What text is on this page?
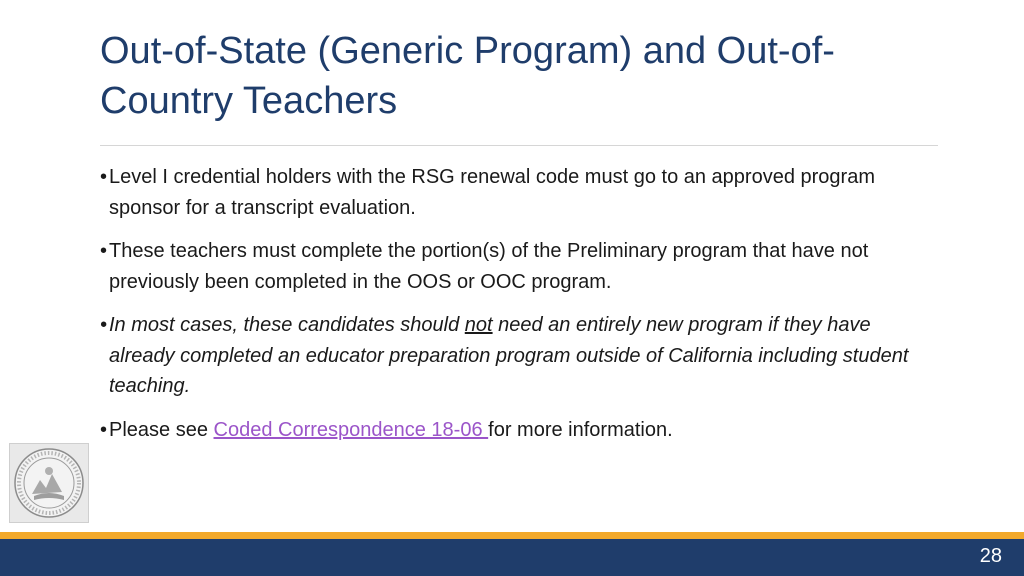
Out-of-State (Generic Program) and Out-of-Country Teachers
• Level I credential holders with the RSG renewal code must go to an approved program sponsor for a transcript evaluation.
• These teachers must complete the portion(s) of the Preliminary program that have not previously been completed in the OOS or OOC program.
• In most cases, these candidates should not need an entirely new program if they have already completed an educator preparation program outside of California including student teaching.
• Please see Coded Correspondence 18-06 for more information.
28
